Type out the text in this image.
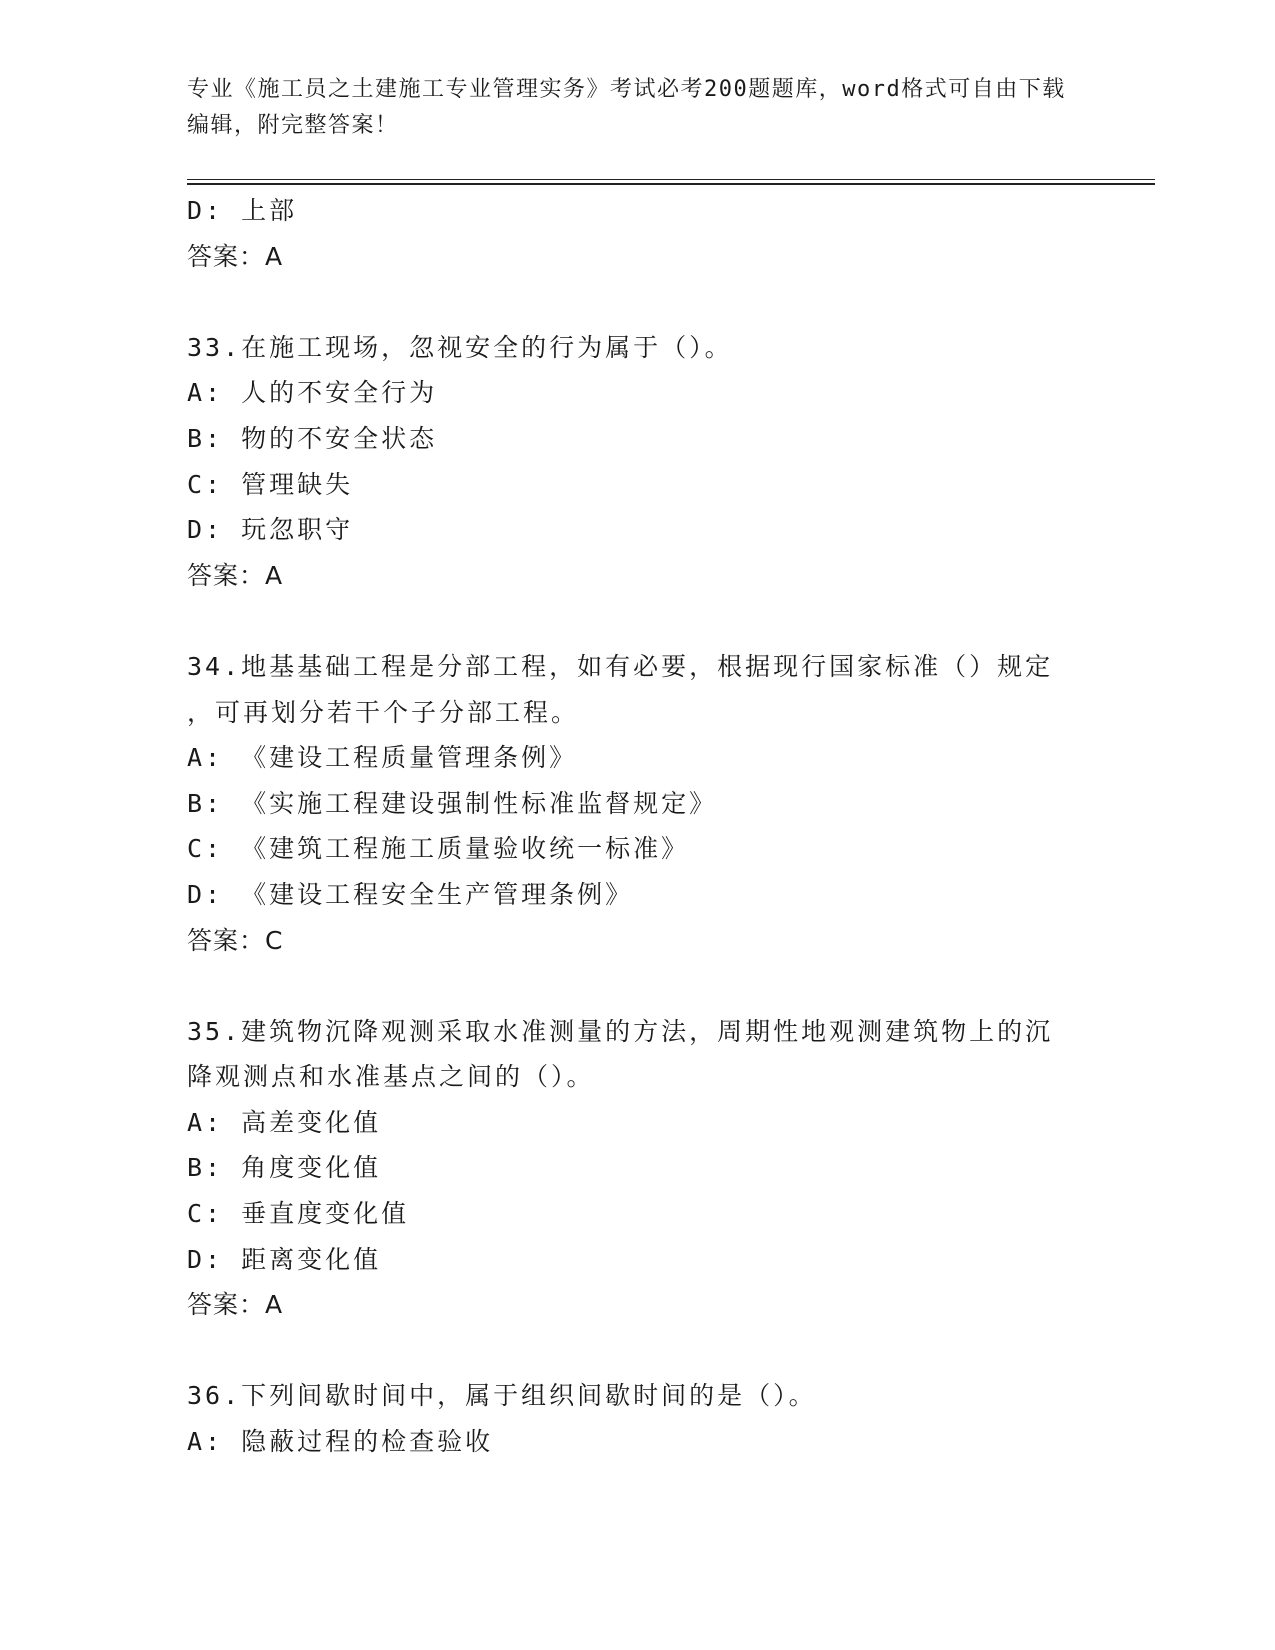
专业《施工员之土建施工专业管理实务》考试必考200题题库，word格式可自由下载编辑，附完整答案！
D: 上部
答案：A
33.在施工现场，忽视安全的行为属于（）。
A: 人的不安全行为
B: 物的不安全状态
C: 管理缺失
D: 玩忽职守
答案：A
34.地基基础工程是分部工程，如有必要，根据现行国家标准（）规定
，可再划分若干个子分部工程。
A: 《建设工程质量管理条例》
B: 《实施工程建设强制性标准监督规定》
C: 《建筑工程施工质量验收统一标准》
D: 《建设工程安全生产管理条例》
答案：C
35.建筑物沉降观测采取水准测量的方法，周期性地观测建筑物上的沉
降观测点和水准基点之间的（）。
A: 高差变化值
B: 角度变化值
C: 垂直度变化值
D: 距离变化值
答案：A
36.下列间歇时间中，属于组织间歇时间的是（）。
A: 隐蔽过程的检查验收
